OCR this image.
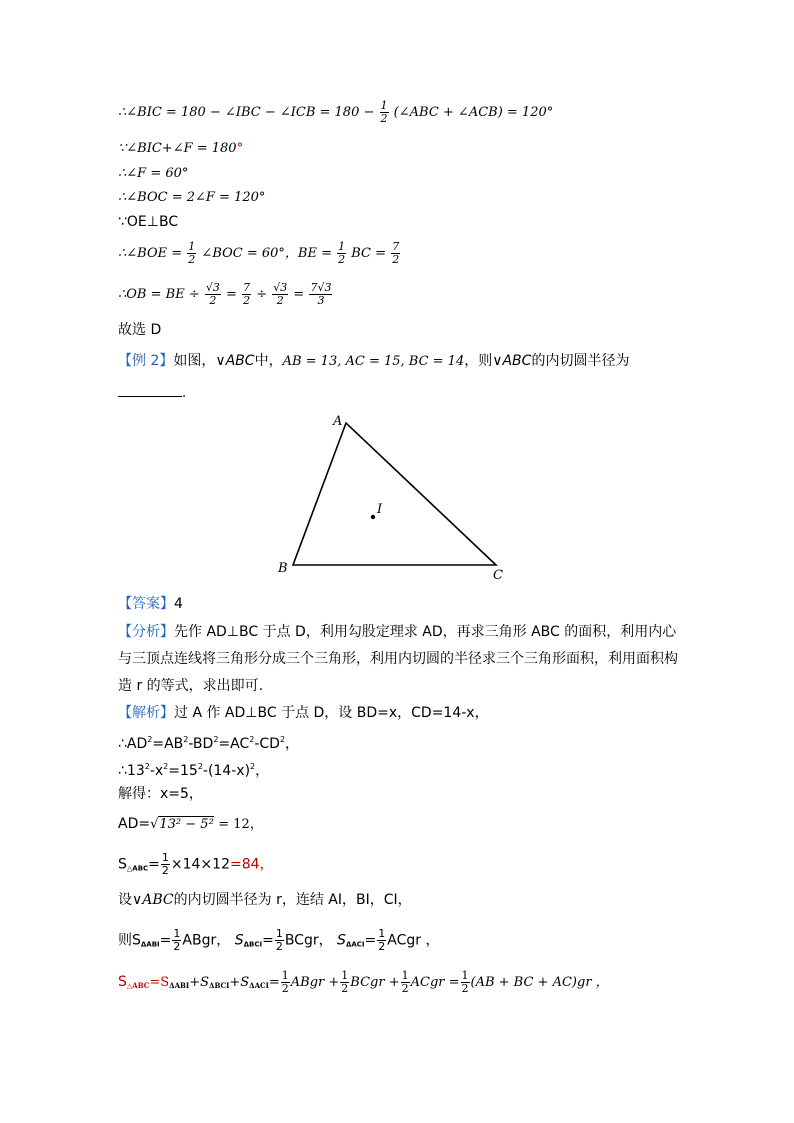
∴∠BIC = 180 − ∠IBC − ∠ICB = $180 - \frac{1}{2}$ (∠ABC + ∠ACB) = 120°
∵∠BIC+∠F = 180°
∴∠F = 60°
∴∠BOC = 2∠F = 120°
∵OE⊥BC
∴∠BOE = $\frac{1}{2}$ ∠BOC = 60°，BE = $\frac{1}{2}$ BC = $\frac{7}{2}$
∴OB = BE ÷ $\frac{√3}{2} = \frac{7}{2} \div \frac{√3}{2} = \frac{7√3}{3}$
故选 D
【例 2】如图，∨ABC中，AB = 13, AC = 15, BC = 14，则∨ABC的内切圆半径为
.
A
B	C
I
【答案】4
【分析】先作 AD⊥BC 于点 D，利用勾股定理求 AD，再求三角形 ABC 的面积，利用内心
与三顶点连线将三角形分成三个三角形，利用内切圆的半径求三个三角形面积，利用面积构
造 r 的等式，求出即可.
【解析】过 A 作 AD⊥BC 于点 D，设 BD=x，CD=14-x，
$\therefore AD^2=AB^2-BD^2=AC^2-CD^2$，
$\therefore 13^2-x^2=15^2-(14-x)^2$，
解得：x=5，
AD=√13² − 5² = 12，
$S_{\triangle ABC}= \frac{1}{2} \times 14\times 12=84$，
设∨ABC的内切圆半径为 r，连结 AI，BI，CI，
则$S_{\Delta ABI}= \frac{1}{2}$ ABgr， $S_{\Delta BCI}= \frac{1}{2}$ BCgr， $S_{\Delta ACI}= \frac{1}{2}$ ACgr ，
$S_{\triangle ABC}=S_{\Delta ABI}+S_{\Delta BCI}+S_{\Delta ACI}= \frac{1}{2}$ ABgr + $\frac{1}{2}$ BCgr + $\frac{1}{2}$ ACgr = $\frac{1}{2} (AB$ + BC + AC)gr ，
